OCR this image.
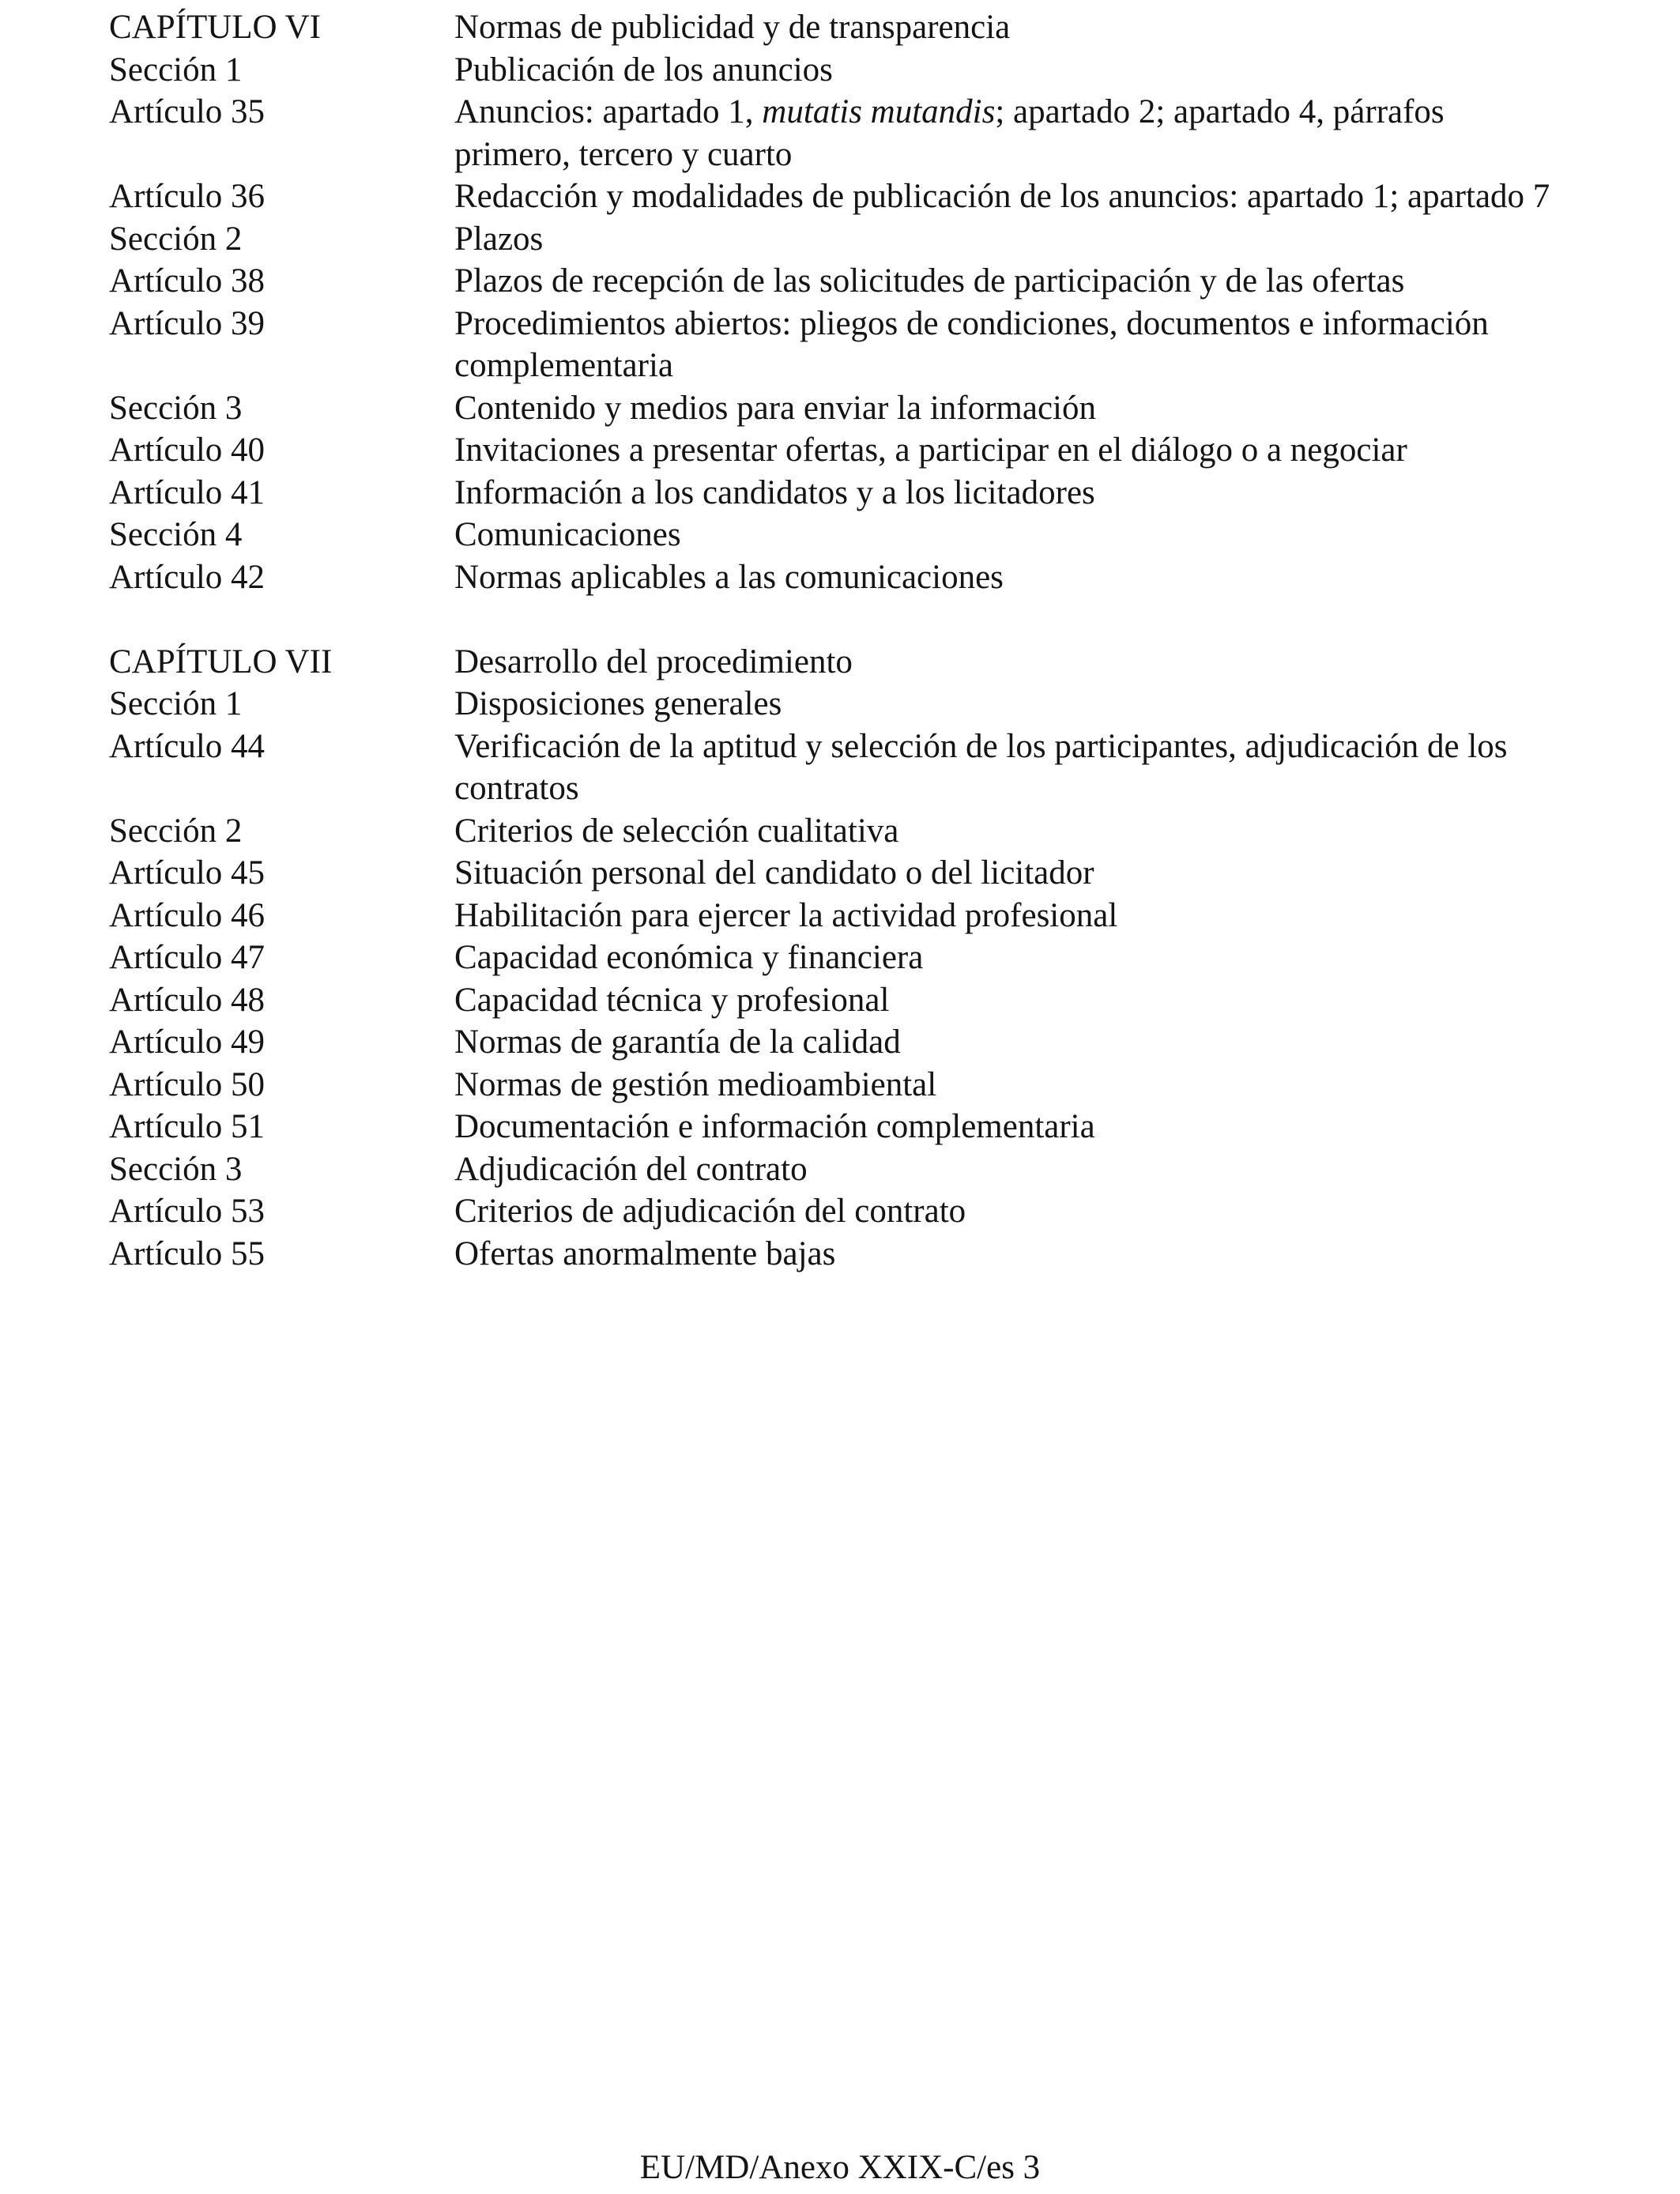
CAPÍTULO VI	Normas de publicidad y de transparencia
Sección 1	Publicación de los anuncios
Artículo 35	Anuncios: apartado 1, mutatis mutandis; apartado 2; apartado 4, párrafos primero, tercero y cuarto
Artículo 36	Redacción y modalidades de publicación de los anuncios: apartado 1; apartado 7
Sección 2	Plazos
Artículo 38	Plazos de recepción de las solicitudes de participación y de las ofertas
Artículo 39	Procedimientos abiertos: pliegos de condiciones, documentos e información complementaria
Sección 3	Contenido y medios para enviar la información
Artículo 40	Invitaciones a presentar ofertas, a participar en el diálogo o a negociar
Artículo 41	Información a los candidatos y a los licitadores
Sección 4	Comunicaciones
Artículo 42	Normas aplicables a las comunicaciones
CAPÍTULO VII	Desarrollo del procedimiento
Sección 1	Disposiciones generales
Artículo 44	Verificación de la aptitud y selección de los participantes, adjudicación de los contratos
Sección 2	Criterios de selección cualitativa
Artículo 45	Situación personal del candidato o del licitador
Artículo 46	Habilitación para ejercer la actividad profesional
Artículo 47	Capacidad económica y financiera
Artículo 48	Capacidad técnica y profesional
Artículo 49	Normas de garantía de la calidad
Artículo 50	Normas de gestión medioambiental
Artículo 51	Documentación e información complementaria
Sección 3	Adjudicación del contrato
Artículo 53	Criterios de adjudicación del contrato
Artículo 55	Ofertas anormalmente bajas
EU/MD/Anexo XXIX-C/es 3
